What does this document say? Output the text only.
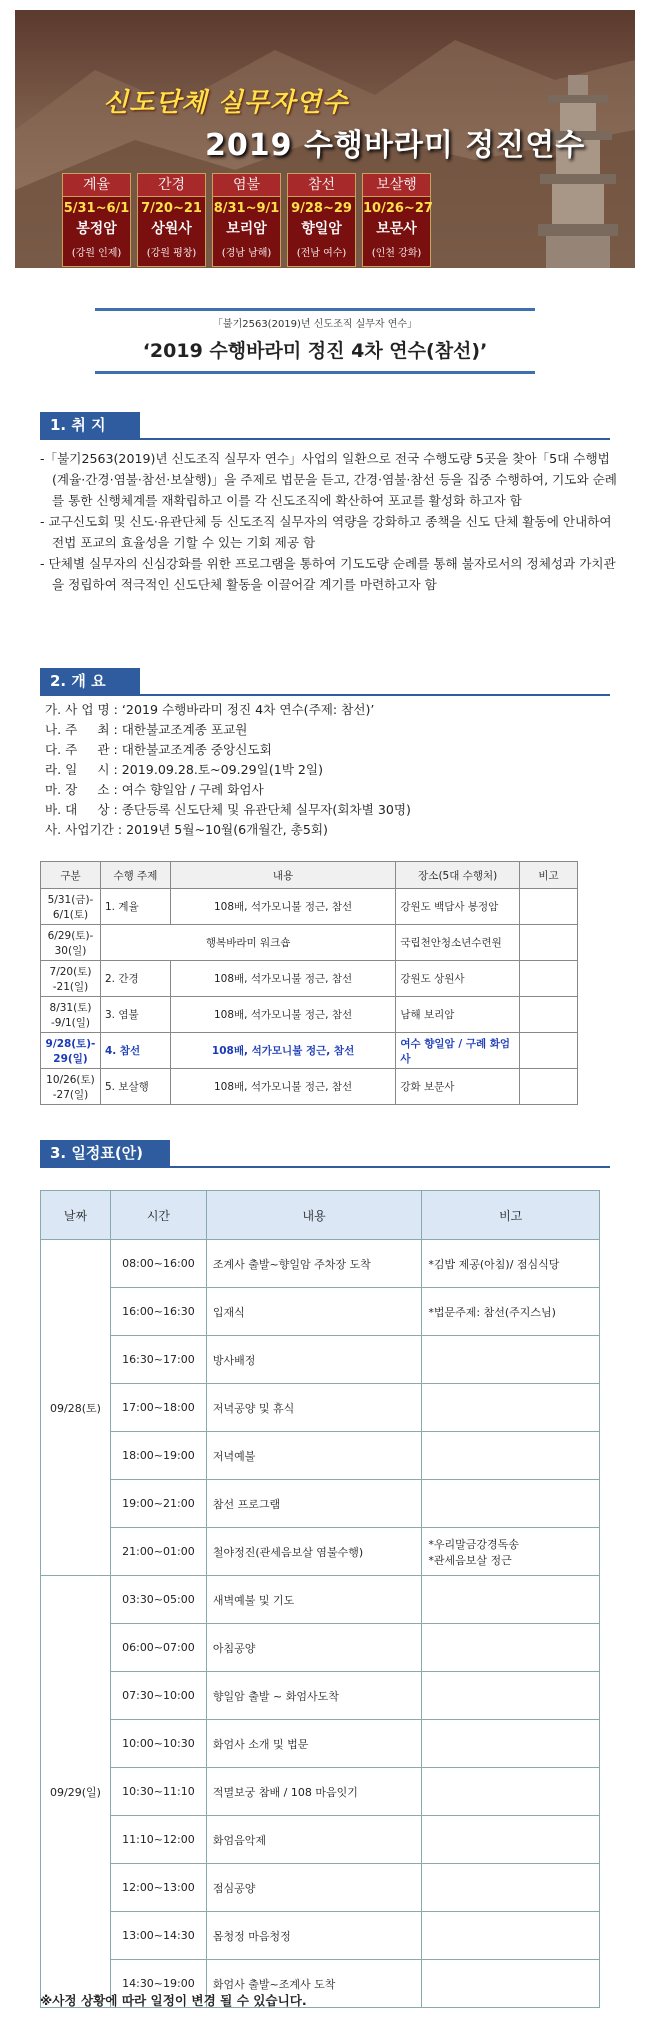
신도단체 실무자연수
2019 수행바라미 정진연수
계율
5/31~6/1
봉정암
(강원 인제)
간경
7/20~21
상원사
(강원 평창)
염불
8/31~9/1
보리암
(경남 남해)
참선
9/28~29
향일암
(전남 여수)
보살행
10/26~27
보문사
(인천 강화)
「불기2563(2019)년 신도조직 실무자 연수」
‘2019 수행바라미 정진 4차 연수(참선)’
1. 취 지

-「불기2563(2019)년 신도조직 실무자 연수」사업의 일환으로 전국 수행도량 5곳을 찾아「5대 수행법(계율·간경·염불·참선·보살행)」을 주제로 법문을 듣고, 간경·염불·참선 등을 집중 수행하여, 기도와 순례를 통한 신행체계를 재확립하고 이를 각 신도조직에 확산하여 포교를 활성화 하고자 함

- 교구신도회 및 신도·유관단체 등 신도조직 실무자의 역량을 강화하고 종책을 신도 단체 활동에 안내하여 전법 포교의 효율성을 기할 수 있는 기회 제공 함

- 단체별 실무자의 신심강화를 위한 프로그램을 통하여 기도도량 순례를 통해 불자로서의 정체성과 가치관을 정립하여 적극적인 신도단체 활동을 이끌어갈 계기를 마련하고자 함

2. 개 요
가. 사 업 명 : ‘2019 수행바라미 정진 4차 연수(주제: 참선)’
나. 주     최 : 대한불교조계종 포교원
다. 주     관 : 대한불교조계종 중앙신도회
라. 일     시 : 2019.09.28.토~09.29일(1박 2일)
마. 장     소 : 여수 향일암 / 구례 화엄사
바. 대     상 : 종단등록 신도단체 및 유관단체 실무자(회차별 30명)
사. 사업기간 : 2019년 5월~10월(6개월간, 총5회)
구분	수행 주제	내용	장소(5대 수행처)	비고
5/31(금)-
6/1(토)	1. 계율	108배, 석가모니불 정근, 참선	강원도 백담사 봉정암	
6/29(토)-
30(일)	행복바라미 워크숍		국립천안청소년수련원	
7/20(토)
-21(일)	2. 간경	108배, 석가모니불 정근, 참선	강원도 상원사	
8/31(토)
-9/1(일)	3. 염불	108배, 석가모니불 정근, 참선	남해 보리암	
9/28(토)-
29(일)	4. 참선	108배, 석가모니불 정근, 참선	여수 향일암 / 구례 화엄사	
10/26(토)
-27(일)	5. 보살행	108배, 석가모니불 정근, 참선	강화 보문사	
3. 일정표(안)
날짜	시간	내용	비고
09/28(토)	08:00~16:00	조계사 출발~향일암 주차장 도착	*김밥 제공(아침)/ 점심식당
	16:00~16:30	입재식	*법문주제: 참선(주지스님)
	16:30~17:00	방사배정	
	17:00~18:00	저녁공양 및 휴식	
	18:00~19:00	저녁예불	
	19:00~21:00	참선 프로그램	
	21:00~01:00	철야정진(관세음보살 염불수행)	*우리말금강경독송
*관세음보살 정근
09/29(일)	03:30~05:00	새벽예불 및 기도	
	06:00~07:00	아침공양	
	07:30~10:00	향일암 출발 ~ 화엄사도착	
	10:00~10:30	화엄사 소개 및 법문	
	10:30~11:10	적멸보궁 참배 / 108 마음잇기	
	11:10~12:00	화엄음악제	
	12:00~13:00	점심공양	
	13:00~14:30	몸청정 마음청정	
	14:30~19:00	화엄사 출발~조계사 도착	
※사정 상황에 따라 일정이 변경 될 수 있습니다.
